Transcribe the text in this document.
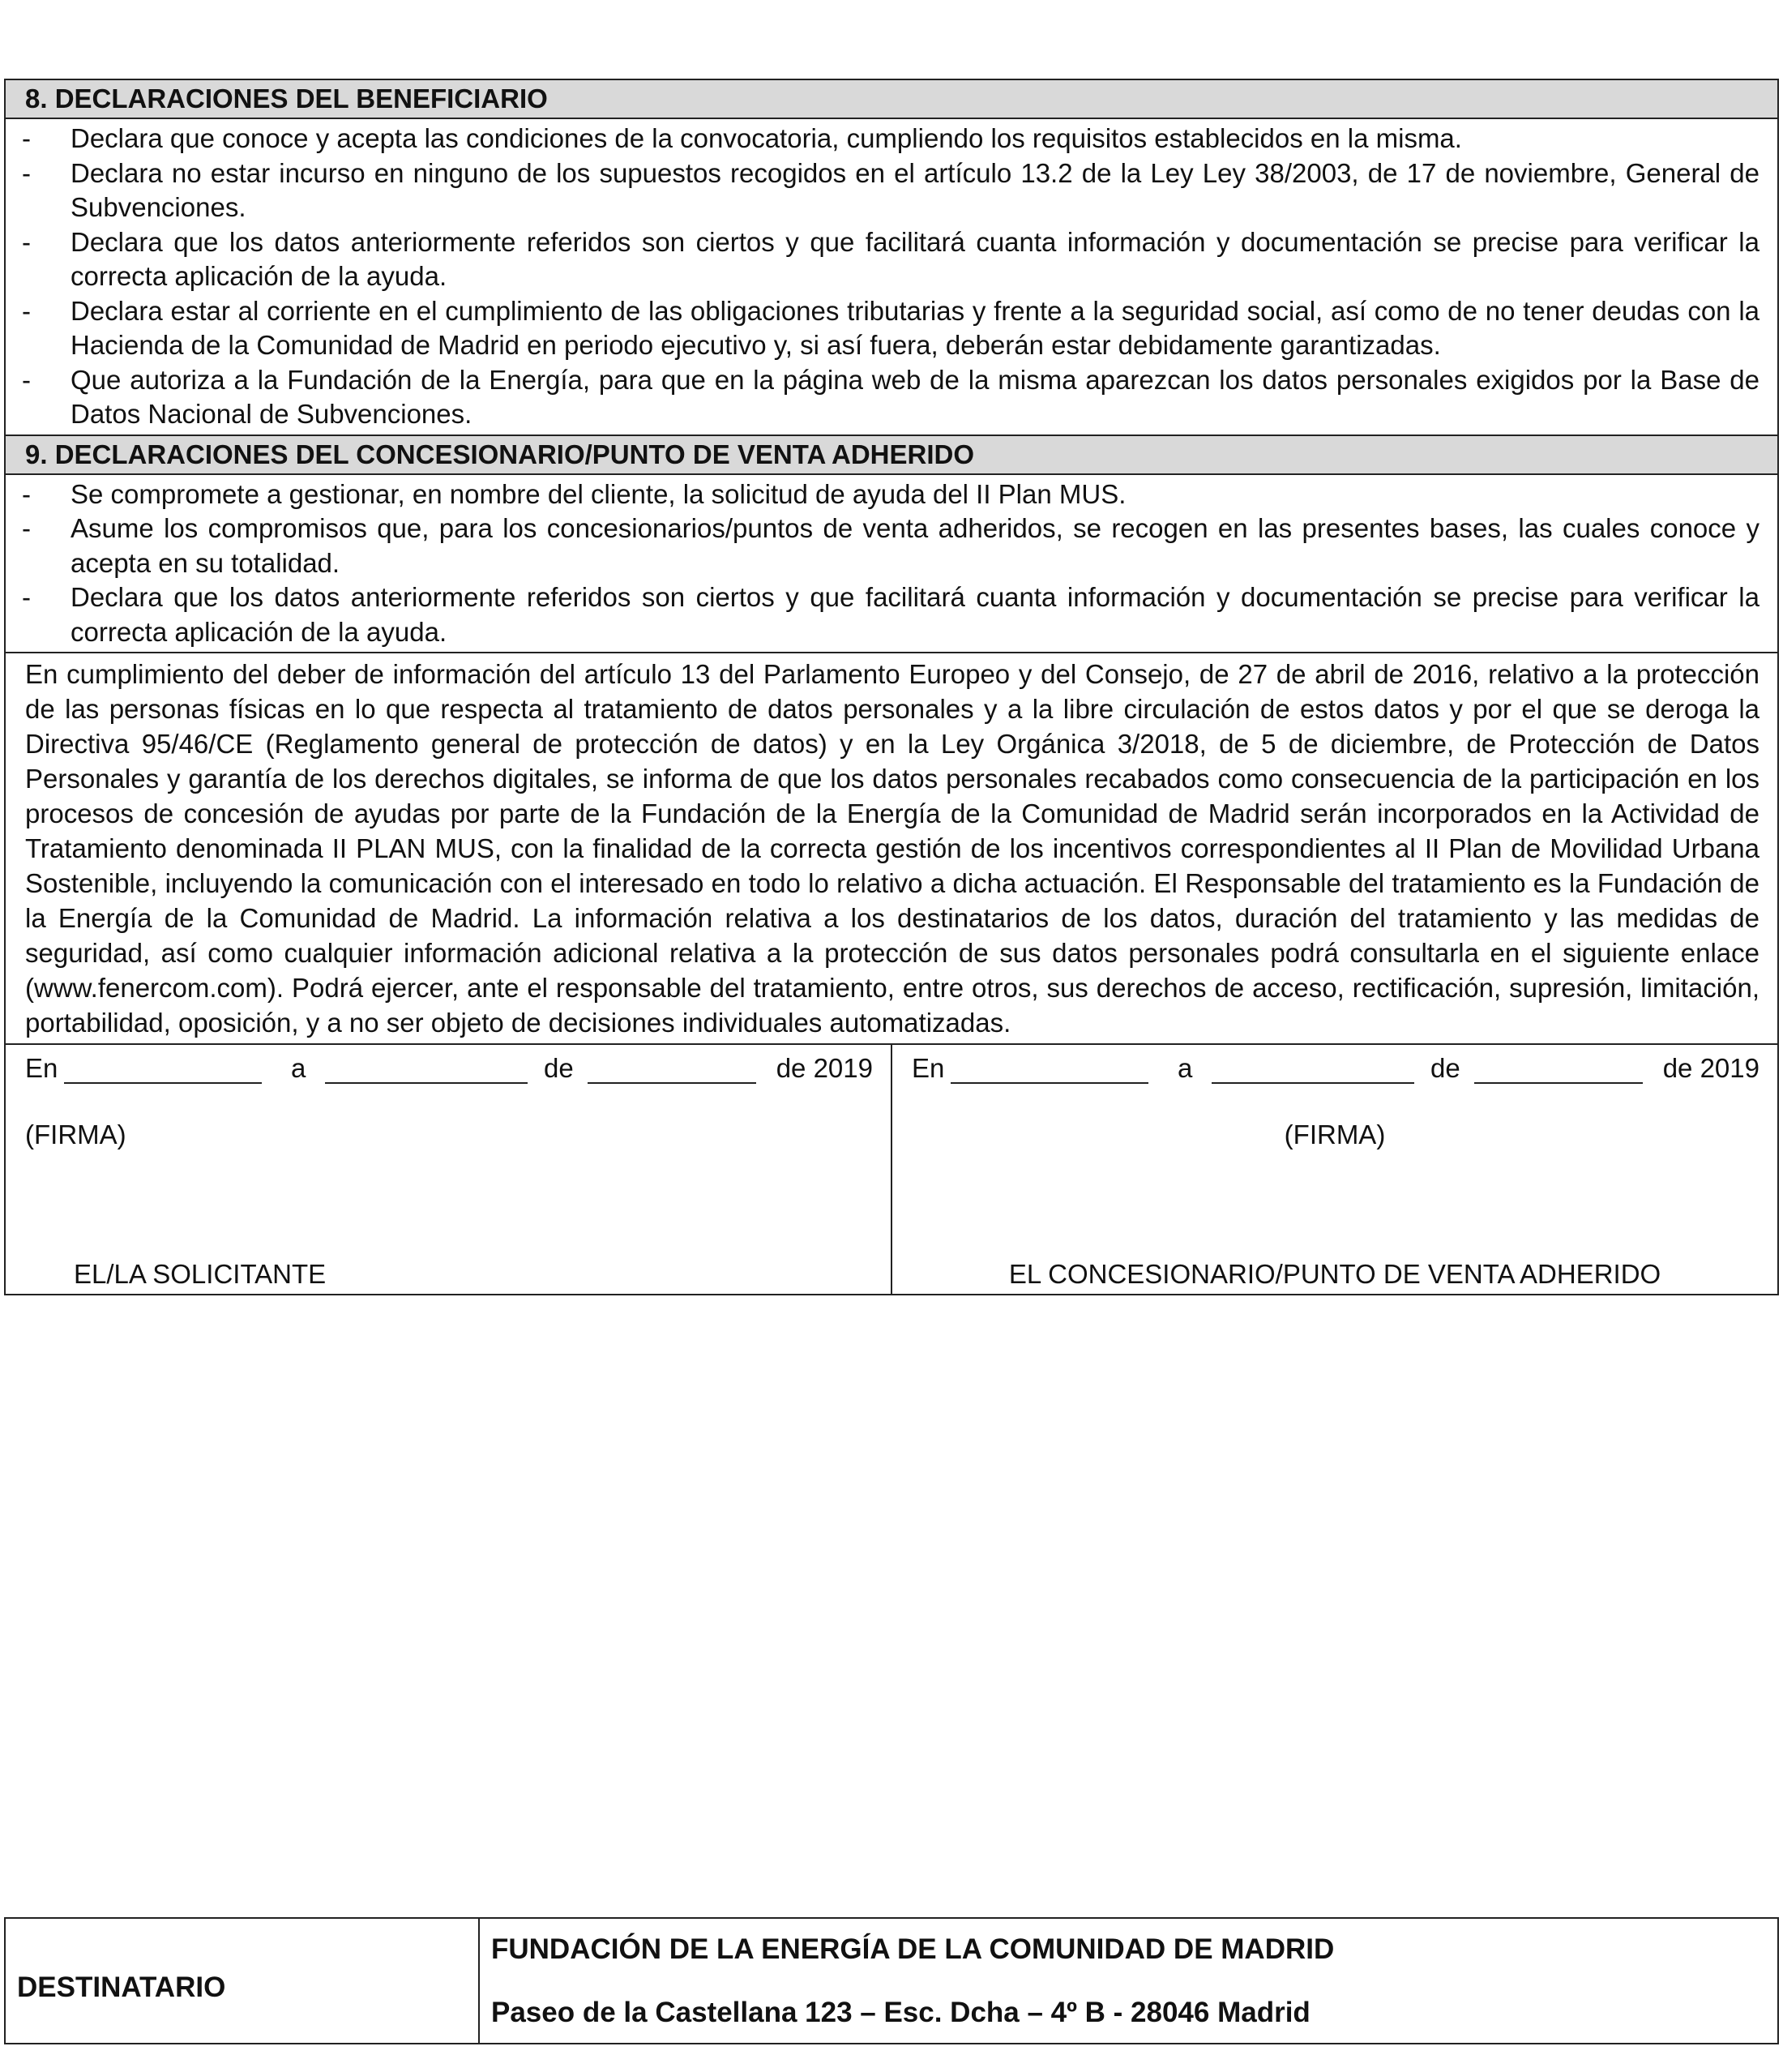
8. DECLARACIONES DEL BENEFICIARIO
-	Declara que conoce y acepta las condiciones de la convocatoria, cumpliendo los requisitos establecidos en la misma.
-	Declara no estar incurso en ninguno de los supuestos recogidos en el artículo 13.2 de la Ley Ley 38/2003, de 17 de noviembre, General de Subvenciones.
-	Declara que los datos anteriormente referidos son ciertos y que facilitará cuanta información y documentación se precise para verificar la correcta aplicación de la ayuda.
-	Declara estar al corriente en el cumplimiento de las obligaciones tributarias y frente a la seguridad social, así como de no tener deudas con la Hacienda de la Comunidad de Madrid en periodo ejecutivo y, si así fuera, deberán estar debidamente garantizadas.
-	Que autoriza a la Fundación de la Energía, para que en la página web de la misma aparezcan los datos personales exigidos por la Base de Datos Nacional de Subvenciones.
9. DECLARACIONES DEL CONCESIONARIO/PUNTO DE VENTA ADHERIDO
-	Se compromete a gestionar, en nombre del cliente, la solicitud de ayuda del II Plan MUS.
-	Asume los compromisos que, para los concesionarios/puntos de venta adheridos, se recogen en las presentes bases, las cuales conoce y acepta en su totalidad.
-	Declara que los datos anteriormente referidos son ciertos y que facilitará cuanta información y documentación se precise para verificar la correcta aplicación de la ayuda.
En cumplimiento del deber de información del artículo 13 del Parlamento Europeo y del Consejo, de 27 de abril de 2016, relativo a la protección de las personas físicas en lo que respecta al tratamiento de datos personales y a la libre circulación de estos datos y por el que se deroga la Directiva 95/46/CE (Reglamento general de protección de datos) y en la Ley Orgánica 3/2018, de 5 de diciembre, de Protección de Datos Personales y garantía de los derechos digitales, se informa de que los datos personales recabados como consecuencia de la participación en los procesos de concesión de ayudas por parte de la Fundación de la Energía de la Comunidad de Madrid serán incorporados en la Actividad de Tratamiento denominada II PLAN MUS, con la finalidad de la correcta gestión de los incentivos correspondientes al II Plan de Movilidad Urbana Sostenible, incluyendo la comunicación con el interesado en todo lo relativo a dicha actuación. El Responsable del tratamiento es la Fundación de la Energía de la Comunidad de Madrid. La información relativa a los destinatarios de los datos, duración del tratamiento y las medidas de seguridad, así como cualquier información adicional relativa a la protección de sus datos personales podrá consultarla en el siguiente enlace (www.fenercom.com). Podrá ejercer, ante el responsable del tratamiento, entre otros, sus derechos de acceso, rectificación, supresión, limitación, portabilidad, oposición, y a no ser objeto de decisiones individuales automatizadas.
En	a	de	de 2019
(FIRMA)
EL/LA SOLICITANTE
En	a	de	de 2019
(FIRMA)
EL CONCESIONARIO/PUNTO DE VENTA ADHERIDO
DESTINATARIO
FUNDACIÓN DE LA ENERGÍA DE LA COMUNIDAD DE MADRID
Paseo de la Castellana 123 – Esc. Dcha – 4º B - 28046 Madrid
